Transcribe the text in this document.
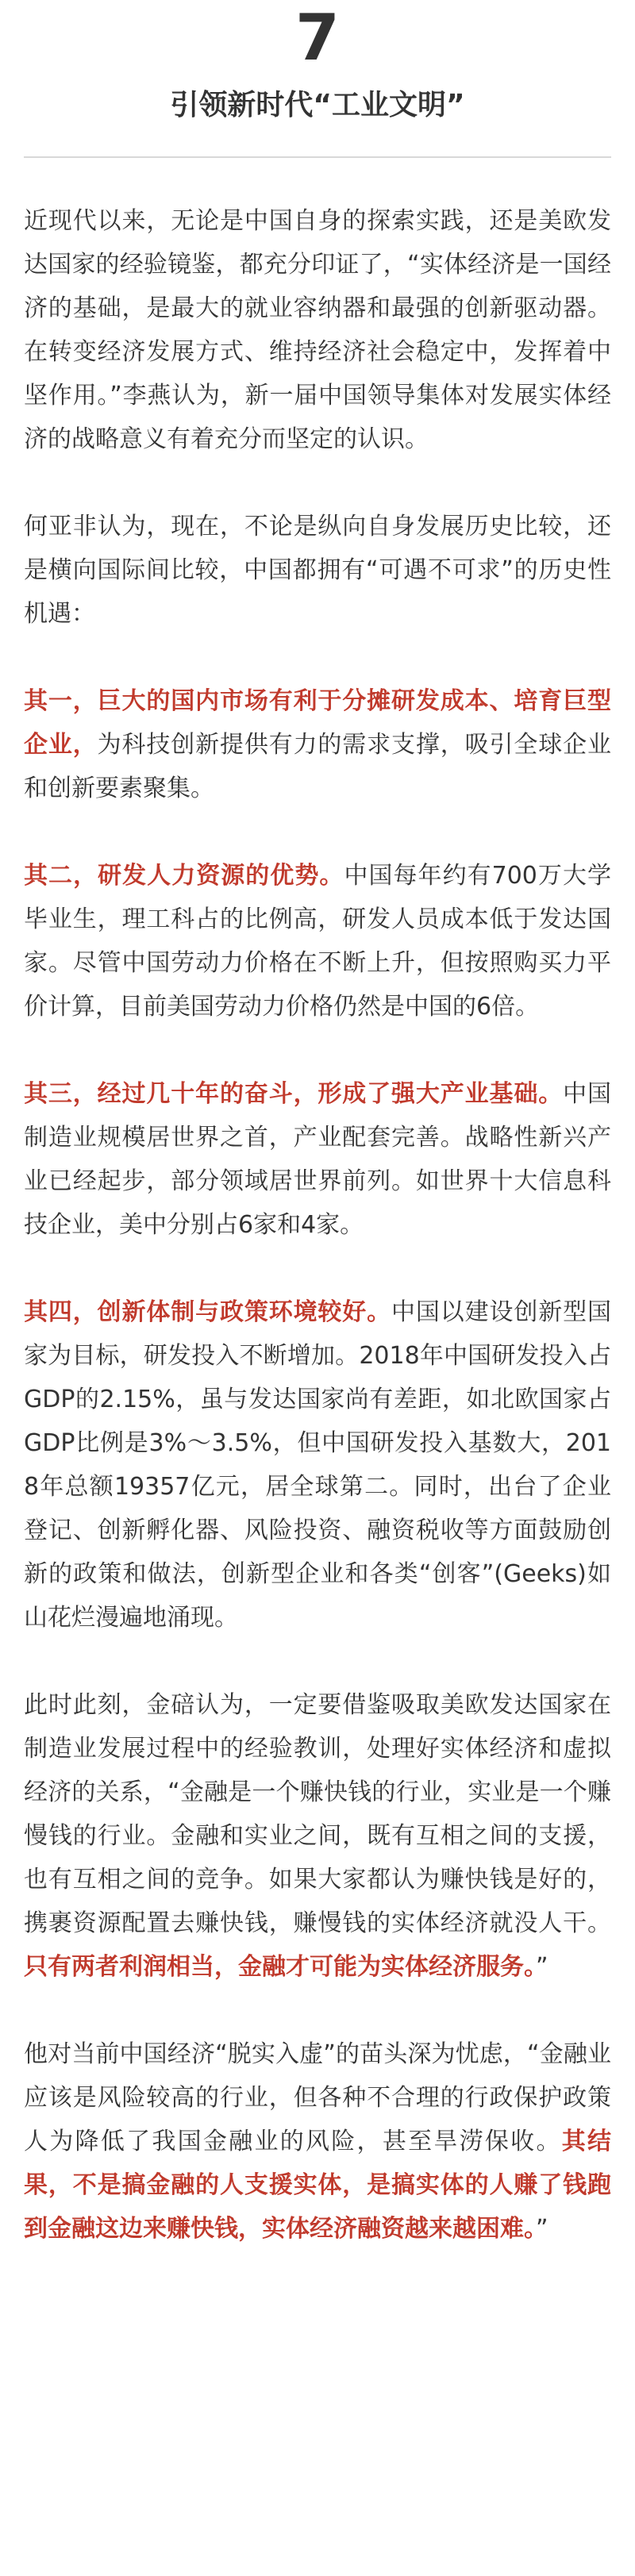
7
引领新时代“工业文明”

近现代以来，无论是中国自身的探索实践，还是美欧发达国家的经验镜鉴，都充分印证了，“实体经济是一国经济的基础，是最大的就业容纳器和最强的创新驱动器。在转变经济发展方式、维持经济社会稳定中，发挥着中坚作用。”李燕认为，新一届中国领导集体对发展实体经济的战略意义有着充分而坚定的认识。

何亚非认为，现在，不论是纵向自身发展历史比较，还是横向国际间比较，中国都拥有“可遇不可求”的历史性机遇：

其一，巨大的国内市场有利于分摊研发成本、培育巨型企业，为科技创新提供有力的需求支撑，吸引全球企业和创新要素聚集。

其二，研发人力资源的优势。中国每年约有700万大学毕业生，理工科占的比例高，研发人员成本低于发达国家。尽管中国劳动力价格在不断上升，但按照购买力平价计算，目前美国劳动力价格仍然是中国的6倍。

其三，经过几十年的奋斗，形成了强大产业基础。中国制造业规模居世界之首，产业配套完善。战略性新兴产业已经起步，部分领域居世界前列。如世界十大信息科技企业，美中分别占6家和4家。

其四，创新体制与政策环境较好。中国以建设创新型国家为目标，研发投入不断增加。2018年中国研发投入占GDP的2.15%，虽与发达国家尚有差距，如北欧国家占GDP比例是3%～3.5%，但中国研发投入基数大，2018年总额19357亿元，居全球第二。同时，出台了企业登记、创新孵化器、风险投资、融资税收等方面鼓励创新的政策和做法，创新型企业和各类“创客”(Geeks)如山花烂漫遍地涌现。

此时此刻，金碚认为，一定要借鉴吸取美欧发达国家在制造业发展过程中的经验教训，处理好实体经济和虚拟经济的关系，“金融是一个赚快钱的行业，实业是一个赚慢钱的行业。金融和实业之间，既有互相之间的支援，也有互相之间的竞争。如果大家都认为赚快钱是好的，携裹资源配置去赚快钱，赚慢钱的实体经济就没人干。只有两者利润相当，金融才可能为实体经济服务。”

他对当前中国经济“脱实入虚”的苗头深为忧虑，“金融业应该是风险较高的行业，但各种不合理的行政保护政策人为降低了我国金融业的风险，甚至旱涝保收。其结果，不是搞金融的人支援实体，是搞实体的人赚了钱跑到金融这边来赚快钱，实体经济融资越来越困难。”
